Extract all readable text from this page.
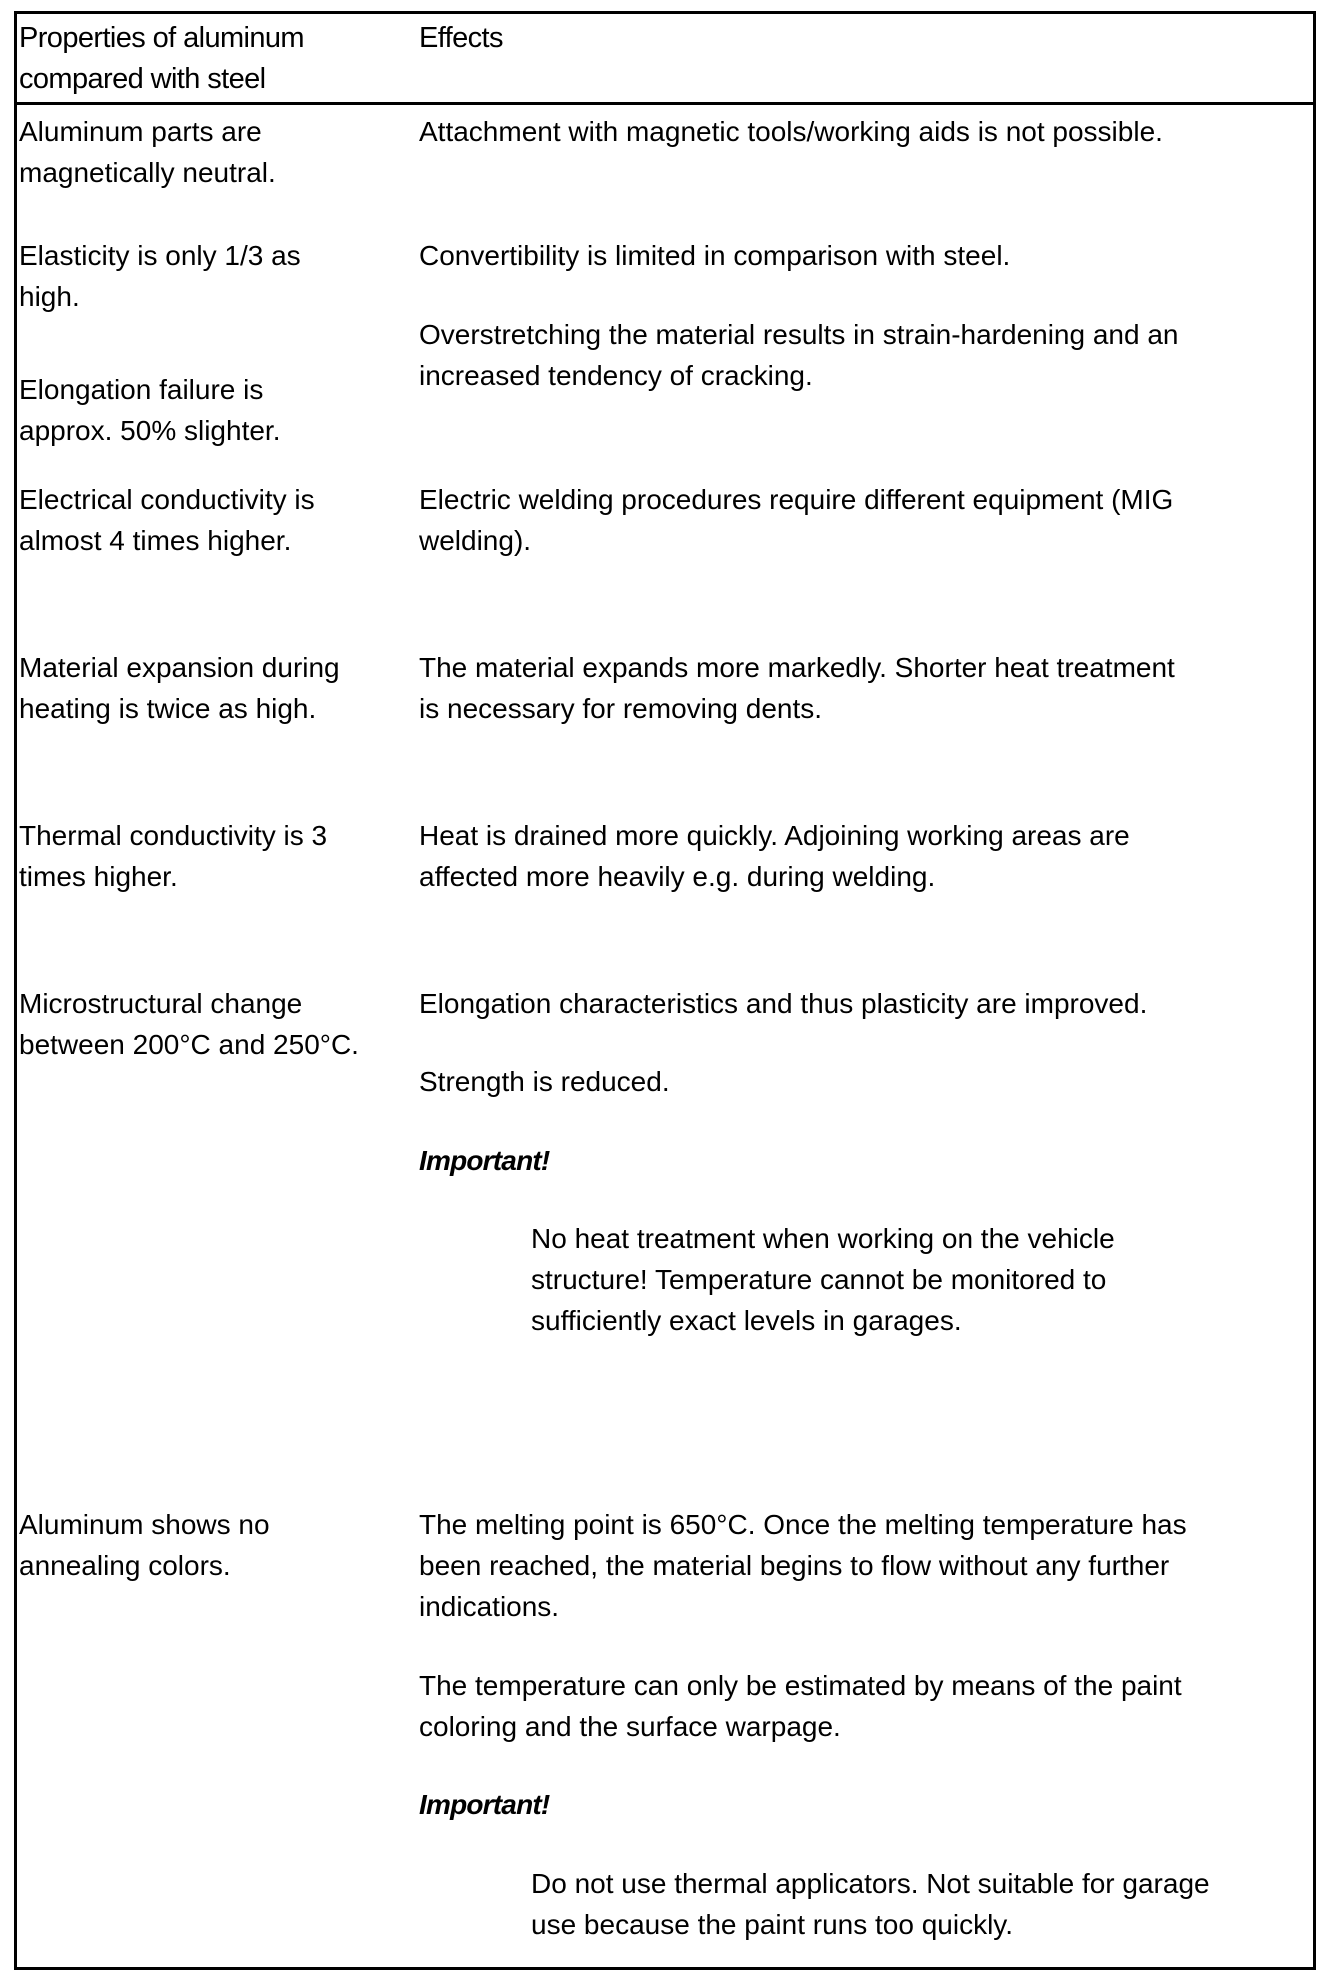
Properties of aluminum

compared with steel

Effects

Aluminum parts are

magnetically neutral.

Attachment with magnetic tools/working aids is not possible.

Elasticity is only 1/3 as

high.

Convertibility is limited in comparison with steel.

Elongation failure is

approx. 50% slighter.

Overstretching the material results in strain-hardening and an

increased tendency of cracking.

Electrical conductivity is

almost 4 times higher.

Electric welding procedures require different equipment (MIG

welding).

Material expansion during

heating is twice as high.

The material expands more markedly. Shorter heat treatment

is necessary for removing dents.

Thermal conductivity is 3

times higher.

Heat is drained more quickly. Adjoining working areas are

affected more heavily e.g. during welding.

Microstructural change

between 200°C and 250°C.

Elongation characteristics and thus plasticity are improved.

Strength is reduced.

Important!

No heat treatment when working on the vehicle

structure! Temperature cannot be monitored to

sufficiently exact levels in garages.

Aluminum shows no

annealing colors.

The melting point is 650°C. Once the melting temperature has

been reached, the material begins to flow without any further

indications.

The temperature can only be estimated by means of the paint

coloring and the surface warpage.

Important!

Do not use thermal applicators. Not suitable for garage

use because the paint runs too quickly.
